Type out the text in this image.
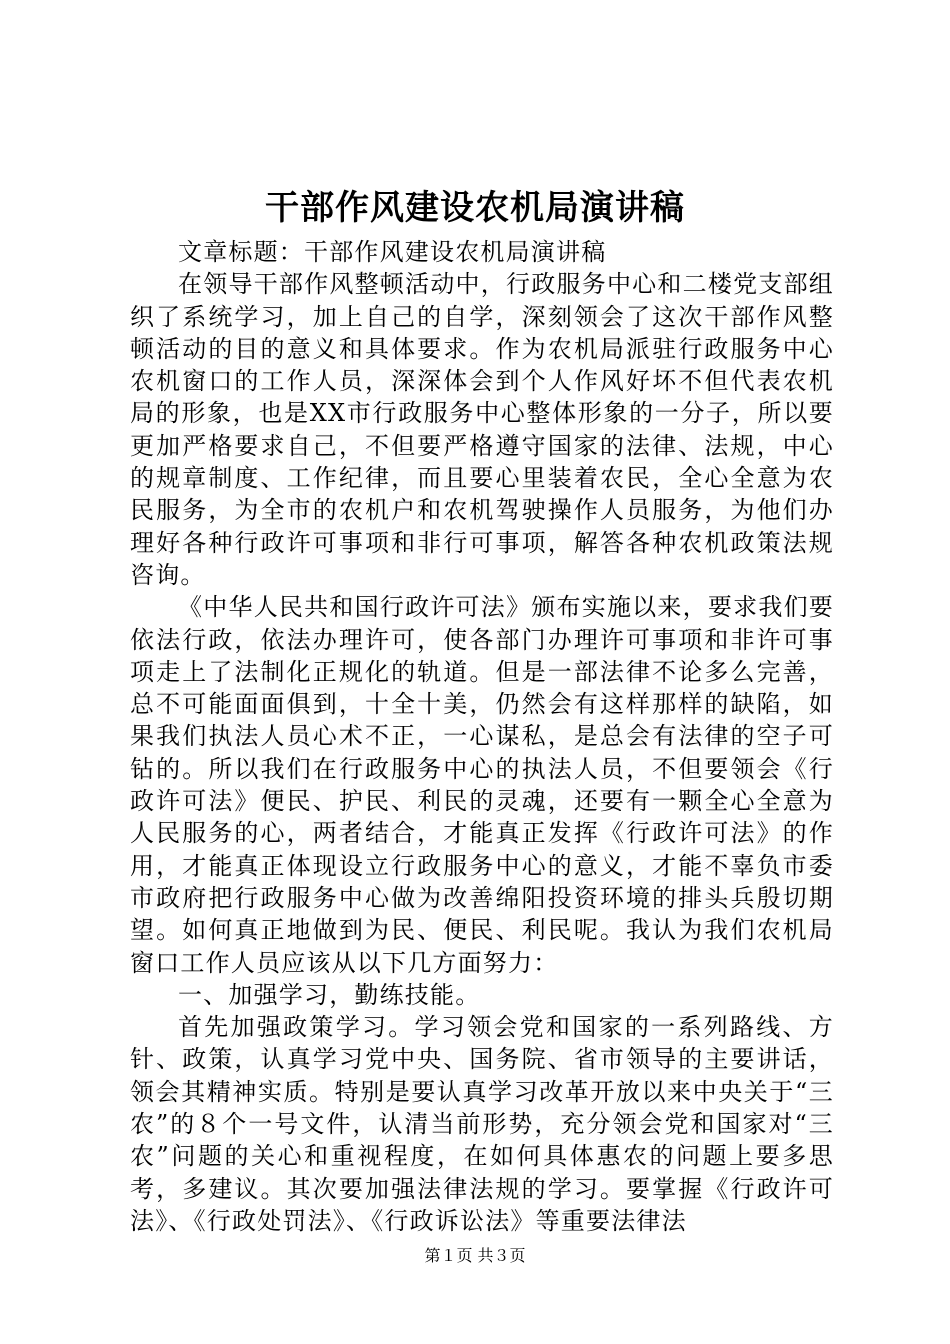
干部作风建设农机局演讲稿

文章标题：干部作风建设农机局演讲稿

在领导干部作风整顿活动中，行政服务中心和二楼党支部组织了系统学习，加上自己的自学，深刻领会了这次干部作风整顿活动的目的意义和具体要求。作为农机局派驻行政服务中心农机窗口的工作人员，深深体会到个人作风好坏不但代表农机局的形象，也是XX市行政服务中心整体形象的一分子，所以要更加严格要求自己，不但要严格遵守国家的法律、法规，中心的规章制度、工作纪律，而且要心里装着农民，全心全意为农民服务，为全市的农机户和农机驾驶操作人员服务，为他们办理好各种行政许可事项和非行可事项，解答各种农机政策法规咨询。

《中华人民共和国行政许可法》颁布实施以来，要求我们要依法行政，依法办理许可，使各部门办理许可事项和非许可事项走上了法制化正规化的轨道。但是一部法律不论多么完善，总不可能面面俱到，十全十美，仍然会有这样那样的缺陷，如果我们执法人员心术不正，一心谋私，是总会有法律的空子可钻的。所以我们在行政服务中心的执法人员，不但要领会《行政许可法》便民、护民、利民的灵魂，还要有一颗全心全意为人民服务的心，两者结合，才能真正发挥《行政许可法》的作用，才能真正体现设立行政服务中心的意义，才能不辜负市委市政府把行政服务中心做为改善绵阳投资环境的排头兵殷切期望。如何真正地做到为民、便民、利民呢。我认为我们农机局窗口工作人员应该从以下几方面努力：

一、加强学习，勤练技能。

首先加强政策学习。学习领会党和国家的一系列路线、方针、政策，认真学习党中央、国务院、省市领导的主要讲话，领会其精神实质。特别是要认真学习改革开放以来中央关于“三农”的８个一号文件，认清当前形势，充分领会党和国家对“三农”问题的关心和重视程度，在如何具体惠农的问题上要多思考，多建议。其次要加强法律法规的学习。要掌握《行政许可法》、《行政处罚法》、《行政诉讼法》等重要法律法

第１页 共３页
